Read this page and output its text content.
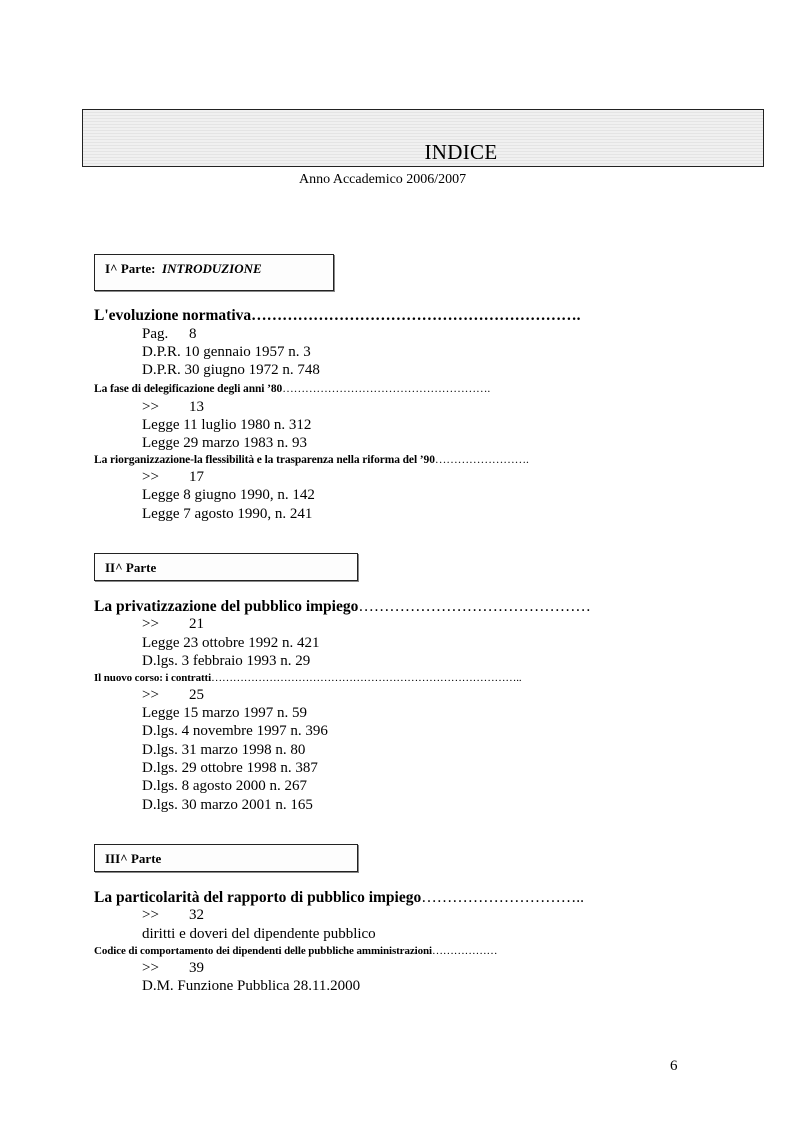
INDICE
Anno Accademico 2006/2007
I^ Parte: INTRODUZIONE
L'evoluzione normativa……………………………………………………….
Pag. 8
D.P.R. 10 gennaio 1957 n. 3
D.P.R. 30 giugno 1972 n. 748
La fase di delegificazione degli anni ’80……………………………………………….
>> 13
Legge 11 luglio 1980 n. 312
Legge 29 marzo 1983 n. 93
La riorganizzazione-la flessibilità e la trasparenza nella riforma del ’90…………………….
>> 17
Legge 8 giugno 1990, n. 142
Legge 7 agosto 1990, n. 241
II^ Parte
La privatizzazione del pubblico impiego………………………………………
>> 21
Legge 23 ottobre 1992 n. 421
D.lgs. 3 febbraio 1993 n. 29
Il nuovo corso: i contratti…………………………………………………………………………..
>> 25
Legge 15 marzo 1997 n. 59
D.lgs. 4 novembre 1997 n. 396
D.lgs. 31 marzo 1998 n. 80
D.lgs. 29 ottobre 1998 n. 387
D.lgs. 8 agosto 2000 n. 267
D.lgs. 30 marzo 2001 n. 165
III^ Parte
La particolarità del rapporto di pubblico impiego…………………………..
>> 32
diritti e doveri del dipendente pubblico
Codice di comportamento dei dipendenti delle pubbliche amministrazioni………………
>> 39
D.M. Funzione Pubblica 28.11.2000
6
